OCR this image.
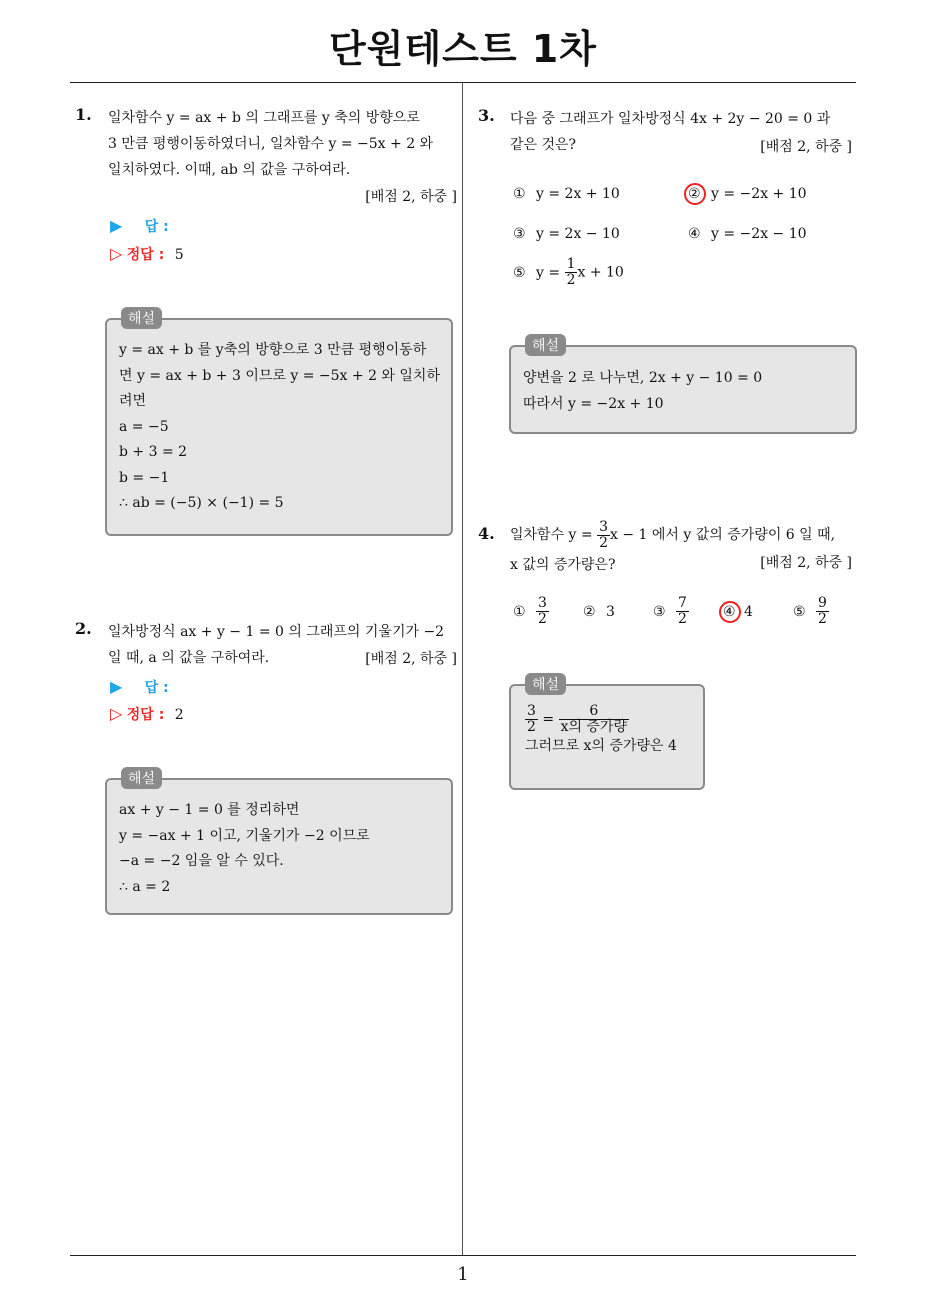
단원테스트 1차
1. 일차함수 y = ax + b 의 그래프를 y 축의 방향으로

3 만큼 평행이동하였더니, 일차함수 y = −5x + 2 와

일치하였다. 이때, ab 의 값을 구하여라.

[배점 2, 하중 ]
▶ 답 :
▷ 정답 : 5
해설
y = ax + b 를 y축의 방향으로 3 만큼 평행이동하
면 y = ax + b + 3 이므로 y = −5x + 2 와 일치하
려면
a = −5
b + 3 = 2
b = −1
∴ ab = (−5) × (−1) = 5
2. 일차방정식 ax + y − 1 = 0 의 그래프의 기울기가 −2

일 때, a 의 값을 구하여라.	[배점 2, 하중 ]
▶ 답 :
▷ 정답 : 2
해설
ax + y − 1 = 0 를 정리하면
y = −ax + 1 이고, 기울기가 −2 이므로
−a = −2 임을 알 수 있다.
∴ a = 2
3. 다음 중 그래프가 일차방정식 4x + 2y − 20 = 0 과

같은 것은?	[배점 2, 하중 ]
① y = 2x + 10	② y = −2x + 10
③ y = 2x − 10	④ y = −2x − 10
⑤ $y = \frac{1}{2}$ x + 10
해설
양변을 2 로 나누면, 2x + y − 10 = 0
따라서 y = −2x + 10
4. 일차함수 $y = \frac{3}{2}$ x − 1 에서 y 값의 증가량이 6 일 때,

x 값의 증가량은?	[배점 2, 하중 ]
① $\frac{3}{2}$ ② 3	③ $\frac{7}{2}$ ④ 4	⑤ $\frac{9}{2}$
해설
$\frac{3}{2} = \frac{6}{\text{x의 증가량}}$
그러므로 x의 증가량은 4
1
